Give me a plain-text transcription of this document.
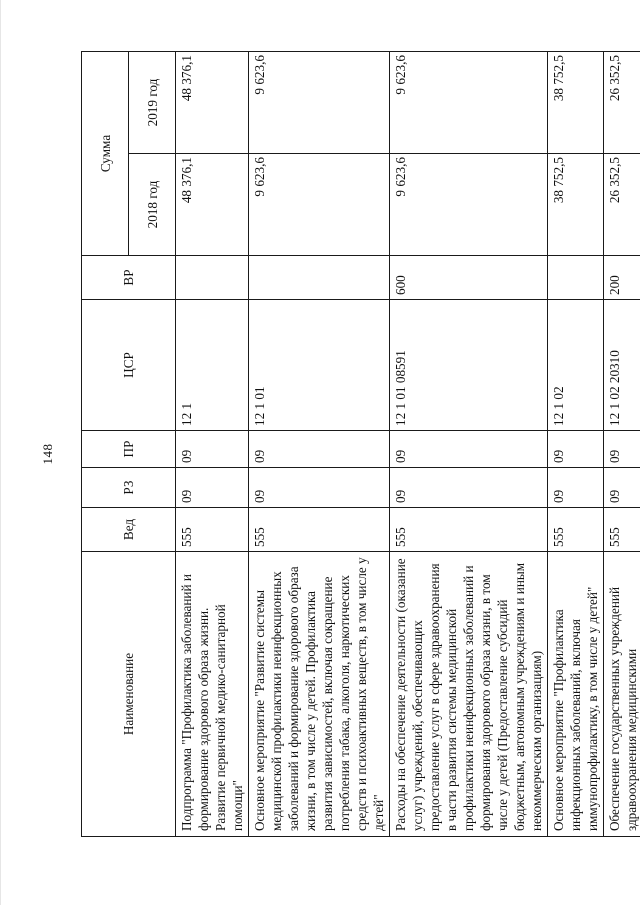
148
Наименование	Вед	РЗ	ПР	ЦСР	ВР	Сумма	
						2018 год	2019 год
Подпрограмма "Профилактика заболеваний и формирование здорового образа жизни. Развитие первичной медико-санитарной помощи"	555	09	09	12 1		48 376,1	48 376,1
Основное мероприятие "Развитие системы медицинской профилактики неинфекционных заболеваний и формирование здорового образа жизни, в том числе у детей. Профилактика развития зависимостей, включая сокращение потребления табака, алкоголя, наркотических средств и психоактивных веществ, в том числе у детей"	555	09	09	12 1 01		9 623,6	9 623,6
Расходы на обеспечение деятельности (оказание услуг) учреждений, обеспечивающих предоставление услуг в сфере здравоохранения в части развития системы медицинской профилактики неинфекционных заболеваний и формирования здорового образа жизни, в том числе у детей (Предоставление субсидий бюджетным, автономным учреждениям и иным некоммерческим организациям)	555	09	09	12 1 01 08591	600	9 623,6	9 623,6
Основное мероприятие "Профилактика инфекционных заболеваний, включая иммунопрофилактику, в том числе у детей"	555	09	09	12 1 02		38 752,5	38 752,5
Обеспечение государственных учреждений здравоохранения медицинскими	555	09	09	12 1 02 20310	200	26 352,5	26 352,5
